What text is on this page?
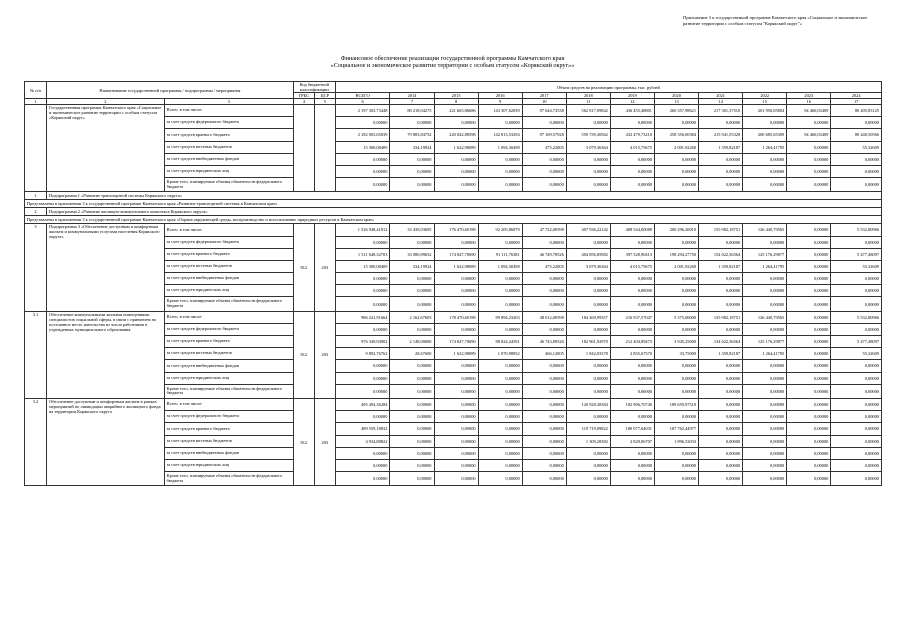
Приложение 3 к государственной программе Камчатского края «Социальное и экономическое развитие территории с особым статусом "Корякский округ"»
Финансовое обеспечение реализации государственной программы Камчатского края
«Социальное и экономическое развитие территории с особым статусом «Корякский округ»»
№ п/п	Наименование государственной программы / подпрограммы / мероприятия		Код бюджетной классификации		Объем средств на реализацию программы, тыс. рублей											

			ГРБС	ЦСР	ВСЕГО	2014	2015	2016	2017	2018	2019	2020	2021	2022	2023	2024
1	2	3	4	5	6	7	8	9	10	11	12	13	14	15	16	17
	Государственная программа Камчатского края «Социальное и экономическое развитие территории с особым статусом «Корякский округ»	Всего, в том числе:			2 197 303,73448	80 218,04275	221 665,86686	143 307,62839	97 644,73538	562 817,09842	436 455,48801	260 357,98621	217 301,37510	201 950,05804	94 460,03409	80 405,83125
		за счет средств федерального бюджета			0,00000	0,00000	0,00000	0,00000	0,00000	0,00000	0,00000	0,00000	0,00000	0,00000	0,00000	0,00000
		за счет средств краевого бюджета			2 182 003,65039	79 883,84752	220 042,88598	142 813,53294	97 169,57928	559 739,30562	432 479,73210	258 356,00384	215 941,55328	200 685,65309	94 460,03409	80 440,50566
		за счет средств местных бюджетов			15 300,08409	334,19924	1 622,98089	1 094,30498	475,22005	3 079,36364	4 015,75675	2 001,92260	1 359,82187	1 264,41795	0,00000	55,32609
		за счет средств внебюджетных фондов			0,00000	0,00000	0,00000	0,00000	0,00000	0,00000	0,00000	0,00000	0,00000	0,00000	0,00000	0,00000
		за счет средств юридических лиц			0,00000	0,00000	0,00000	0,00000	0,00000	0,00000	0,00000	0,00000	0,00000	0,00000	0,00000	0,00000
		Кроме того, планируемые объемы обязательств федерального бюджета			0,00000	0,00000	0,00000	0,00000	0,00000	0,00000	0,00000	0,00000	0,00000	0,00000	0,00000	0,00000
1	Подпрограмма 1 «Развитие транспортной системы Корякского округа»															
Представлены в приложении 3 к государственной программе Камчатского края «Развитие транспортной системы в Камчатском крае»																
2	Подпрограмма 2 «Развитие жилищно-коммунального комплекса Корякского округа»															
Представлены в приложении 3 к государственной программе Камчатского края «Охрана окружающей среды, воспроизводство и использование природных ресурсов в Камчатском крае»																
3	Подпрограмма 3 «Обеспечение доступным и комфортным жильем и коммунальными услугами населения Корякского округа»	Всего, в том числе:	812	203	1 526 948,41812	33 439,03695	176 470,60198	92 205,86879	47 722,00598	407 936,22142	408 544,00088	200 296,20010	155 982,18751	126 440,79565	0,00000	5 532,80966
		за счет средств федерального бюджета			0,00000	0,00000	0,00000	0,00000	0,00000	0,00000	0,00000	0,00000	0,00000	0,00000	0,00000	0,00000
		за счет средств краевого бюджета			1 511 648,32703	33 080,89652	174 847,70690	91 111,76381	46 749,78526	404 856,85982	397 528,90413	198 294,27750	154 622,36564	125 176,29877	0,00000	5 477,48097
		за счет средств местных бюджетов			15 300,08409	334,19924	1 622,98089	1 094,30498	475,22005	3 079,36364	4 015,75675	2 001,92260	1 359,82187	1 264,41795	0,00000	55,32609
		за счет средств внебюджетных фондов			0,00000	0,00000	0,00000	0,00000	0,00000	0,00000	0,00000	0,00000	0,00000	0,00000	0,00000	0,00000
		за счет средств юридических лиц			0,00000	0,00000	0,00000	0,00000	0,00000	0,00000	0,00000	0,00000	0,00000	0,00000	0,00000	0,00000
		Кроме того, планируемые объемы обязательств федерального бюджета			0,00000	0,00000	0,00000	0,00000	0,00000	0,00000	0,00000	0,00000	0,00000	0,00000	0,00000	0,00000
3.1	Обеспечение коммунальными жилыми помещениями специалистов социальной сферы, в связи с принятием на постоянное место жительства из числа работников в учреждениях муниципального образования	Всего, в том числе:	812	203	986 241,91664	2 162,67603	178 470,60198	89 894,23203	48 012,00598	184 269,99357	216 937,57047	5 375,00000	135 982,18751	126 440,79565	0,00000	5 532,80966
		за счет средств федерального бюджета			0,00000	0,00000	0,00000	0,00000	0,00000	0,00000	0,00000	0,00000	0,00000	0,00000	0,00000	0,00000
		за счет средств краевого бюджета			976 349,94902	2 148,00000	174 847,70690	88 824,24591	46 743,88526	182 961,92970	212 404,89473	3 945,25000	134 622,36564	125 176,29877	0,00000	5 477,48097
		за счет средств местных бюджетов			9 892,76762	28,67600	1 622,98089	1 070,98852	466,12005	1 842,03378	2 855,67570	33,75000	1 359,82187	1 264,41795	0,00000	55,32609
		за счет средств внебюджетных фондов			0,00000	0,00000	0,00000	0,00000	0,00000	0,00000	0,00000	0,00000	0,00000	0,00000	0,00000	0,00000
		за счет средств юридических лиц			0,00000	0,00000	0,00000	0,00000	0,00000	0,00000	0,00000	0,00000	0,00000	0,00000	0,00000	0,00000
		Кроме того, планируемые объемы обязательств федерального бюджета			0,00000	0,00000	0,00000	0,00000	0,00000	0,00000	0,00000	0,00000	0,00000	0,00000	0,00000	0,00000
3.2	Обеспечение доступным и комфортным жильем в рамках мероприятий по ликвидации аварийного жилищного фонда на территории Корякского округа	Всего, в том числе:	812	203	495 494,36284	0,00000	0,00000	0,00000	0,00000	120 928,38384	182 906,70740	189 659,97510	0,00000	0,00000	0,00000	0,00000
		за счет средств федерального бюджета			0,00000	0,00000	0,00000	0,00000	0,00000	0,00000	0,00000	0,00000	0,00000	0,00000	0,00000	0,00000
		за счет средств краевого бюджета			489 559,18832	0,00000	0,00000	0,00000	0,00000	119 719,09822	180 077,64031	187 762,44977	0,00000	0,00000	0,00000	0,00000
		за счет средств местных бюджетов			4 934,88822	0,00000	0,00000	0,00000	0,00000	1 309,28382	2 829,06707	1 896,53033	0,00000	0,00000	0,00000	0,00000
		за счет средств внебюджетных фондов			0,00000	0,00000	0,00000	0,00000	0,00000	0,00000	0,00000	0,00000	0,00000	0,00000	0,00000	0,00000
		за счет средств юридических лиц			0,00000	0,00000	0,00000	0,00000	0,00000	0,00000	0,00000	0,00000	0,00000	0,00000	0,00000	0,00000
		Кроме того, планируемые объемы обязательств федерального бюджета			0,00000	0,00000	0,00000	0,00000	0,00000	0,00000	0,00000	0,00000	0,00000	0,00000	0,00000	0,00000
